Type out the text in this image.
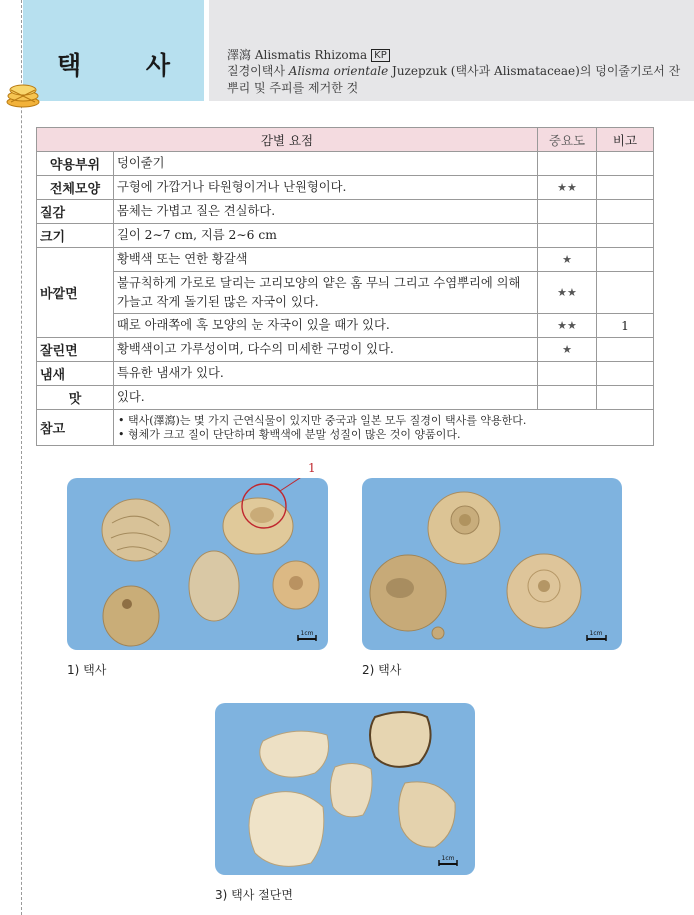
택 사	澤瀉 Alismatis Rhizoma KP
질경이택사 Alisma orientale Juzepzuk (택사과 Alismataceae)의 덩이줄기로서 잔뿌리 및 주피를 제거한 것
감별 요점		중요도	비고
약용부위	덩이줄기		
전체모양	구형에 가깝거나 타원형이거나 난원형이다.	★★	
질감	몸체는 가볍고 질은 견실하다.		
크기	길이 2∼7 cm, 지름 2∼6 cm		
바깥면	황백색 또는 연한 황갈색	★	
	불규칙하게 가로로 달리는 고리모양의 얕은 홈 무늬 그리고 수염뿌리에 의해 가늘고 작게 돌기된 많은 자국이 있다.	★★	
	때로 아래쪽에 혹 모양의 눈 자국이 있을 때가 있다.	★★	1
잘린면	황백색이고 가루성이며, 다수의 미세한 구멍이 있다.	★	
냄새	특유한 냄새가 있다.		
맛	있다.		
참고	• 택사(澤瀉)는 몇 가지 근연식물이 있지만 중국과 일본 모두 질경이 택사를 약용한다.
• 형체가 크고 질이 단단하며 황백색에 분말 성질이 많은 것이 양품이다.		
1cm
1
1) 택사
1cm
2) 택사
1cm
3) 택사 절단면
